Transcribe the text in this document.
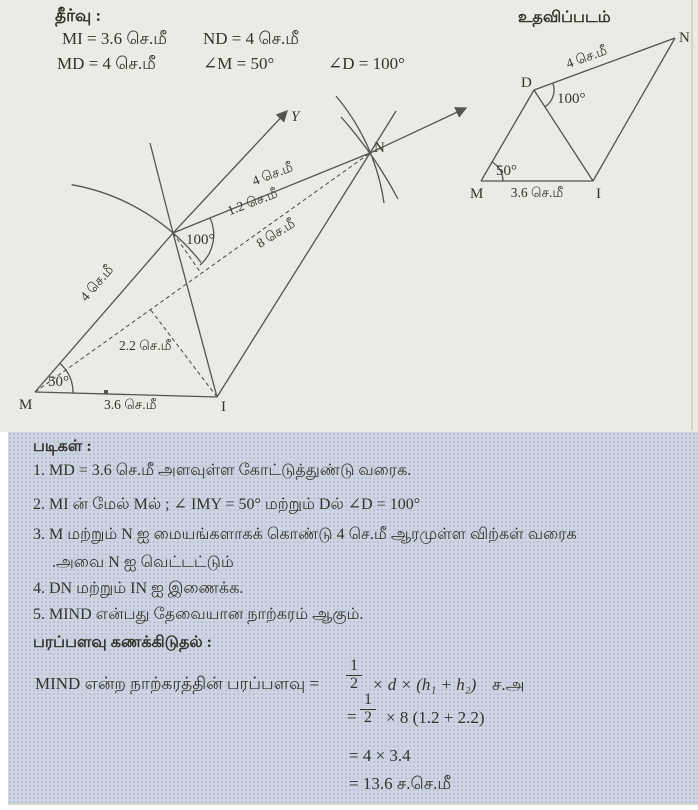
தீர்வு :
MI = 3.6 செ.மீ ND = 4 செ.மீ
MD = 4 செ.மீ	∠M = 50°	∠D = 100°
உதவிப்படம்
M	I
D
N
50°
100°
4 செ.மீ
3.6 செ.மீ
Y
N
M	I
50°
100°
3.6 செ.மீ
4 செ.மீ
4 செ.மீ
1.2 செ.மீ
8 செ.மீ
2.2 செ.மீ
படிகள் :
1. MD = 3.6 செ.மீ அளவுள்ள கோட்டுத்துண்டு வரைக.
2. MI ன் மேல் Mல் ; ∠ IMY = 50° மற்றும் Dல் ∠D = 100°
3. M மற்றும் N ஐ மையங்களாகக் கொண்டு 4 செ.மீ ஆரமுள்ள விற்கள் வரைக
.அவை N ஐ வெட்டட்டும்
4. DN மற்றும் IN ஐ இணைக்க.
5. MIND என்பது தேவையான நாற்கரம் ஆகும்.
பரப்பளவு கணக்கிடுதல் :
MIND என்ற நாற்கரத்தின் பரப்பளவு = $\frac{1}{2} \times d \times (h_1 + h_2)$ ச.அ
= $\frac{1}{2} \times 8$ (1.2 + 2.2)
= 4 × 3.4
= 13.6 ச.செ.மீ
